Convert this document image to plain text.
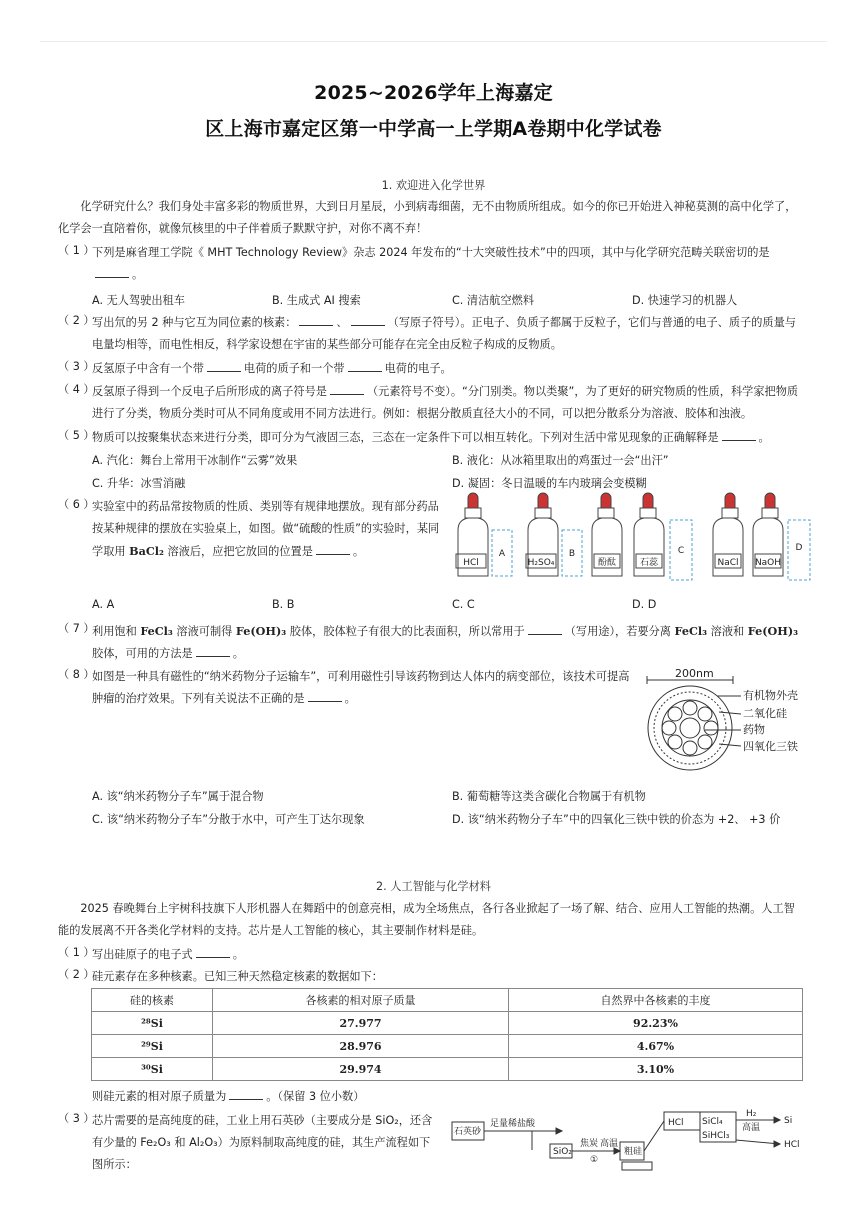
2025~2026学年上海嘉定
区上海市嘉定区第一中学高一上学期A卷期中化学试卷
1. 欢迎进入化学世界
化学研究什么？我们身处丰富多彩的物质世界，大到日月星辰，小到病毒细菌，无不由物质所组成。如今的你已开始进入神秘莫测的高中化学了，化学会一直陪着你，就像氘核里的中子伴着质子默默守护，对你不离不弃！
（ 1 ）
下列是麻省理工学院《 MHT Technology Review》杂志 2024 年发布的“十大突破性技术”中的四项，其中与化学研究范畴关联密切的是。
A. 无人驾驶出租车	B. 生成式 AI 搜索	C. 清洁航空燃料	D. 快速学习的机器人
（ 2 ）
写出氘的另 2 种与它互为同位素的核素：	、	（写原子符号）。正电子、负质子都属于反粒子，它们与普通的电子、质子的质量与电量均相等，而电性相反，科学家设想在宇宙的某些部分可能存在完全由反粒子构成的反物质。
（ 3 ）
反氢原子中含有一个带	电荷的质子和一个带	电荷的电子。
（ 4 ）
反氢原子得到一个反电子后所形成的离子符号是	（元素符号不变）。“分门别类。物以类聚”，为了更好的研究物质的性质，科学家把物质进行了分类，物质分类时可从不同角度或用不同方法进行。例如：根据分散质直径大小的不同，可以把分散系分为溶液、胶体和浊液。
（ 5 ）
物质可以按聚集状态来进行分类，即可分为气液固三态，三态在一定条件下可以相互转化。下列对生活中常见现象的正确解释是	。
A. 汽化：舞台上常用干冰制作“云雾”效果	B. 液化：从冰箱里取出的鸡蛋过一会“出汗”
C. 升华：冰雪消融	D. 凝固：冬日温暖的车内玻璃会变模糊
（ 6 ）
实验室中的药品常按物质的性质、类别等有规律地摆放。现有部分药品按某种规律的摆放在实验桌上，如图。做“硫酸的性质”的实验时，某同学取用 BaCl₂ 溶液后，应把它放回的位置是	。
HCl	H₂SO₄	酚酞	石蕊	NaCl NaOH
A	B	C	D
A. A	B. B	C. C	D. D
（ 7 ）
利用饱和 FeCl₃ 溶液可制得 Fe(OH)₃ 胶体，胶体粒子有很大的比表面积，所以常用于	（写用途），若要分离 FeCl₃ 溶液和 Fe(OH)₃胶体，可用的方法是	。
（ 8 ）
如图是一种具有磁性的“纳米药物分子运输车”，可利用磁性引导该药物到达人体内的病变部位，该技术可提高肿瘤的治疗效果。下列有关说法不正确的是	。
200nm
有机物外壳
二氧化硅
药物
四氧化三铁
A. 该“纳米药物分子车”属于混合物	B. 葡萄糖等这类含碳化合物属于有机物
C. 该“纳米药物分子车”分散于水中，可产生丁达尔现象	D. 该“纳米药物分子车”中的四氧化三铁中铁的价态为 +2、 +3 价
2. 人工智能与化学材料
2025 春晚舞台上宇树科技旗下人形机器人在舞蹈中的创意亮相，成为全场焦点，各行各业掀起了一场了解、结合、应用人工智能的热潮。人工智能的发展离不开各类化学材料的支持。芯片是人工智能的核心，其主要制作材料是硅。
（ 1 ）
写出硅原子的电子式	。
（ 2 ）
硅元素存在多种核素。已知三种天然稳定核素的数据如下：
硅的核素	各核素的相对原子质量	自然界中各核素的丰度
²⁸Si	27.977	92.23%
²⁹Si	28.976	4.67%
³⁰Si	29.974	3.10%
则硅元素的相对原子质量为	。（保留 3 位小数）
（ 3 ）
芯片需要的是高纯度的硅，工业上用石英砂（主要成分是 SiO₂，还含有少量的 Fe₂O₃ 和 Al₂O₃）为原料制取高纯度的硅，其生产流程如下图所示：
石英砂
足量稀盐酸
SiO₂
焦炭 高温
①
粗硅
HCl SiCl₄
SiHCl₃
H₂
高温
Si
HCl
